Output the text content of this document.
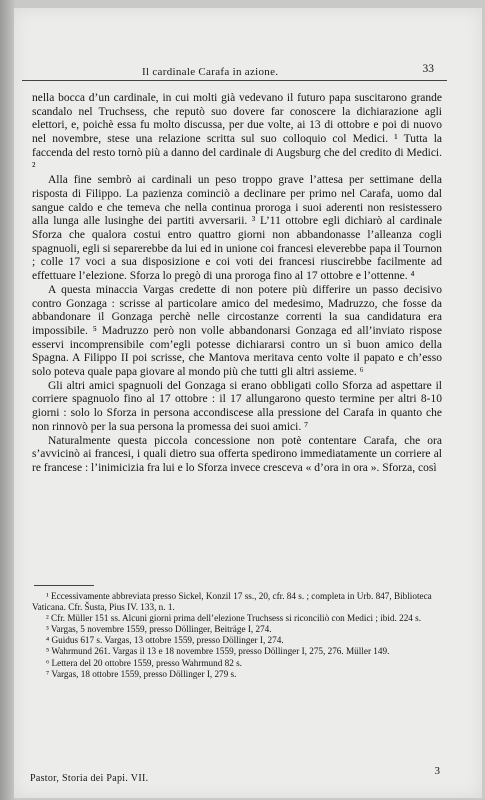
Il cardinale Carafa in azione.	33

nella bocca d’un cardinale, in cui molti già vedevano il futuro papa suscitarono grande scandalo nel Truchsess, che reputò suo dovere far conoscere la dichiarazione agli elettori, e, poichè essa fu molto discussa, per due volte, ai 13 di ottobre e poi di nuovo nel novembre, stese una relazione scritta sul suo colloquio col Medici. ¹ Tutta la faccenda del resto tornò più a danno del cardinale di Augsburg che del credito di Medici. ²

Alla fine sembrò ai cardinali un peso troppo grave l’attesa per settimane della risposta di Filippo. La pazienza cominciò a declinare per primo nel Carafa, uomo dal sangue caldo e che temeva che nella continua proroga i suoi aderenti non resistessero alla lunga alle lusinghe dei partiti avversarii. ³ L’11 ottobre egli dichiarò al cardinale Sforza che qualora costui entro quattro giorni non abbandonasse l’alleanza cogli spagnuoli, egli si separerebbe da lui ed in unione coi francesi eleverebbe papa il Tournon ; colle 17 voci a sua disposizione e coi voti dei francesi riuscirebbe facilmente ad effettuare l’elezione. Sforza lo pregò di una proroga fino al 17 ottobre e l’ottenne. ⁴

A questa minaccia Vargas credette di non potere più differire un passo decisivo contro Gonzaga : scrisse al particolare amico del medesimo, Madruzzo, che fosse da abbandonare il Gonzaga perchè nelle circostanze correnti la sua candidatura era impossibile. ⁵ Madruzzo però non volle abbandonarsi Gonzaga ed all’inviato rispose esservi incomprensibile com’egli potesse dichiararsi contro un sì buon amico della Spagna. A Filippo II poi scrisse, che Mantova meritava cento volte il papato e ch’esso solo poteva quale papa giovare al mondo più che tutti gli altri assieme. ⁶

Gli altri amici spagnuoli del Gonzaga si erano obbligati collo Sforza ad aspettare il corriere spagnuolo fino al 17 ottobre : il 17 allungarono questo termine per altri 8-10 giorni : solo lo Sforza in persona accondiscese alla pressione del Carafa in quanto che non rinnovò per la sua persona la promessa dei suoi amici. ⁷

Naturalmente questa piccola concessione non potè contentare Carafa, che ora s’avvicinò ai francesi, i quali dietro sua offerta spedirono immediatamente un corriere al re francese : l’inimicizia fra lui e lo Sforza invece cresceva « d’ora in ora ». Sforza, così

¹ Eccessivamente abbreviata presso Sickel, Konzil 17 ss., 20, cfr. 84 s. ; completa in Urb. 847, Biblioteca Vaticana. Cfr. Šusta, Pius IV. 133, n. 1.

² Cfr. Müller 151 ss. Alcuni giorni prima dell’elezione Truchsess si riconciliò con Medici ; ibid. 224 s.

³ Vargas, 5 novembre 1559, presso Döllinger, Beiträge I, 274.

⁴ Guidus 617 s. Vargas, 13 ottobre 1559, presso Döllinger I, 274.

⁵ Wahrmund 261. Vargas il 13 e 18 novembre 1559, presso Döllinger I, 275, 276. Müller 149.

⁶ Lettera del 20 ottobre 1559, presso Wahrmund 82 s.

⁷ Vargas, 18 ottobre 1559, presso Döllinger I, 279 s.

Pastor, Storia dei Papi. VII.
3
